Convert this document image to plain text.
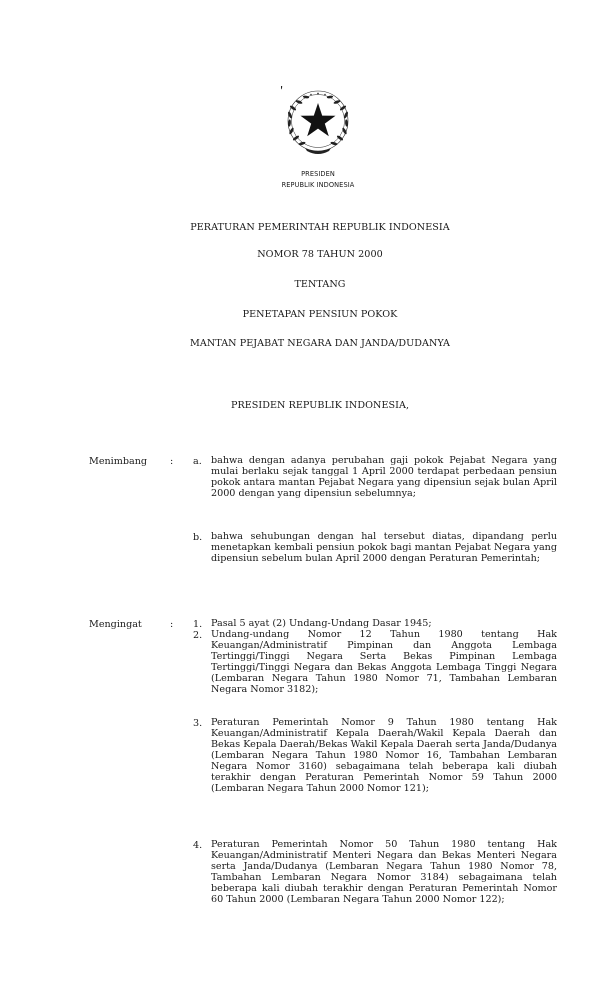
PRESIDEN
REPUBLIK INDONESIA
PERATURAN PEMERINTAH REPUBLIK INDONESIA
NOMOR 78 TAHUN 2000
TENTANG
PENETAPAN PENSIUN POKOK
MANTAN PEJABAT NEGARA DAN JANDA/DUDANYA
PRESIDEN REPUBLIK INDONESIA,
Menimbang : a. bahwa dengan adanya perubahan gaji pokok Pejabat Negara yang mulai berlaku sejak tanggal 1 April 2000 terdapat perbedaan pensiun pokok antara mantan Pejabat Negara yang dipensiun sejak bulan April 2000 dengan yang dipensiun sebelumnya;
b. bahwa sehubungan dengan hal tersebut diatas, dipandang perlu menetapkan kembali pensiun pokok bagi mantan Pejabat Negara yang dipensiun sebelum bulan April 2000 dengan Peraturan Pemerintah;
Mengingat	: 1. Pasal 5 ayat (2) Undang-Undang Dasar 1945;
2. Undang-undang Nomor 12 Tahun 1980 tentang Hak Keuangan/Administratif Pimpinan dan Anggota Lembaga Tertinggi/Tinggi Negara Serta Bekas Pimpinan Lembaga Tertinggi/Tinggi Negara dan Bekas Anggota Lembaga Tinggi Negara (Lembaran Negara Tahun 1980 Nomor 71, Tambahan Lembaran Negara Nomor 3182);
3. Peraturan Pemerintah Nomor 9 Tahun 1980 tentang Hak Keuangan/Administratif Kepala Daerah/Wakil Kepala Daerah dan Bekas Kepala Daerah/Bekas Wakil Kepala Daerah serta Janda/Dudanya (Lembaran Negara Tahun 1980 Nomor 16, Tambahan Lembaran Negara Nomor 3160) sebagaimana telah beberapa kali diubah terakhir dengan Peraturan Pemerintah Nomor 59 Tahun 2000 (Lembaran Negara Tahun 2000 Nomor 121);
4. Peraturan Pemerintah Nomor 50 Tahun 1980 tentang Hak Keuangan/Administratif Menteri Negara dan Bekas Menteri Negara serta Janda/Dudanya (Lembaran Negara Tahun 1980 Nomor 78, Tambahan Lembaran Negara Nomor 3184) sebagaimana telah beberapa kali diubah terakhir dengan Peraturan Pemerintah Nomor 60 Tahun 2000 (Lembaran Negara Tahun 2000 Nomor 122);
